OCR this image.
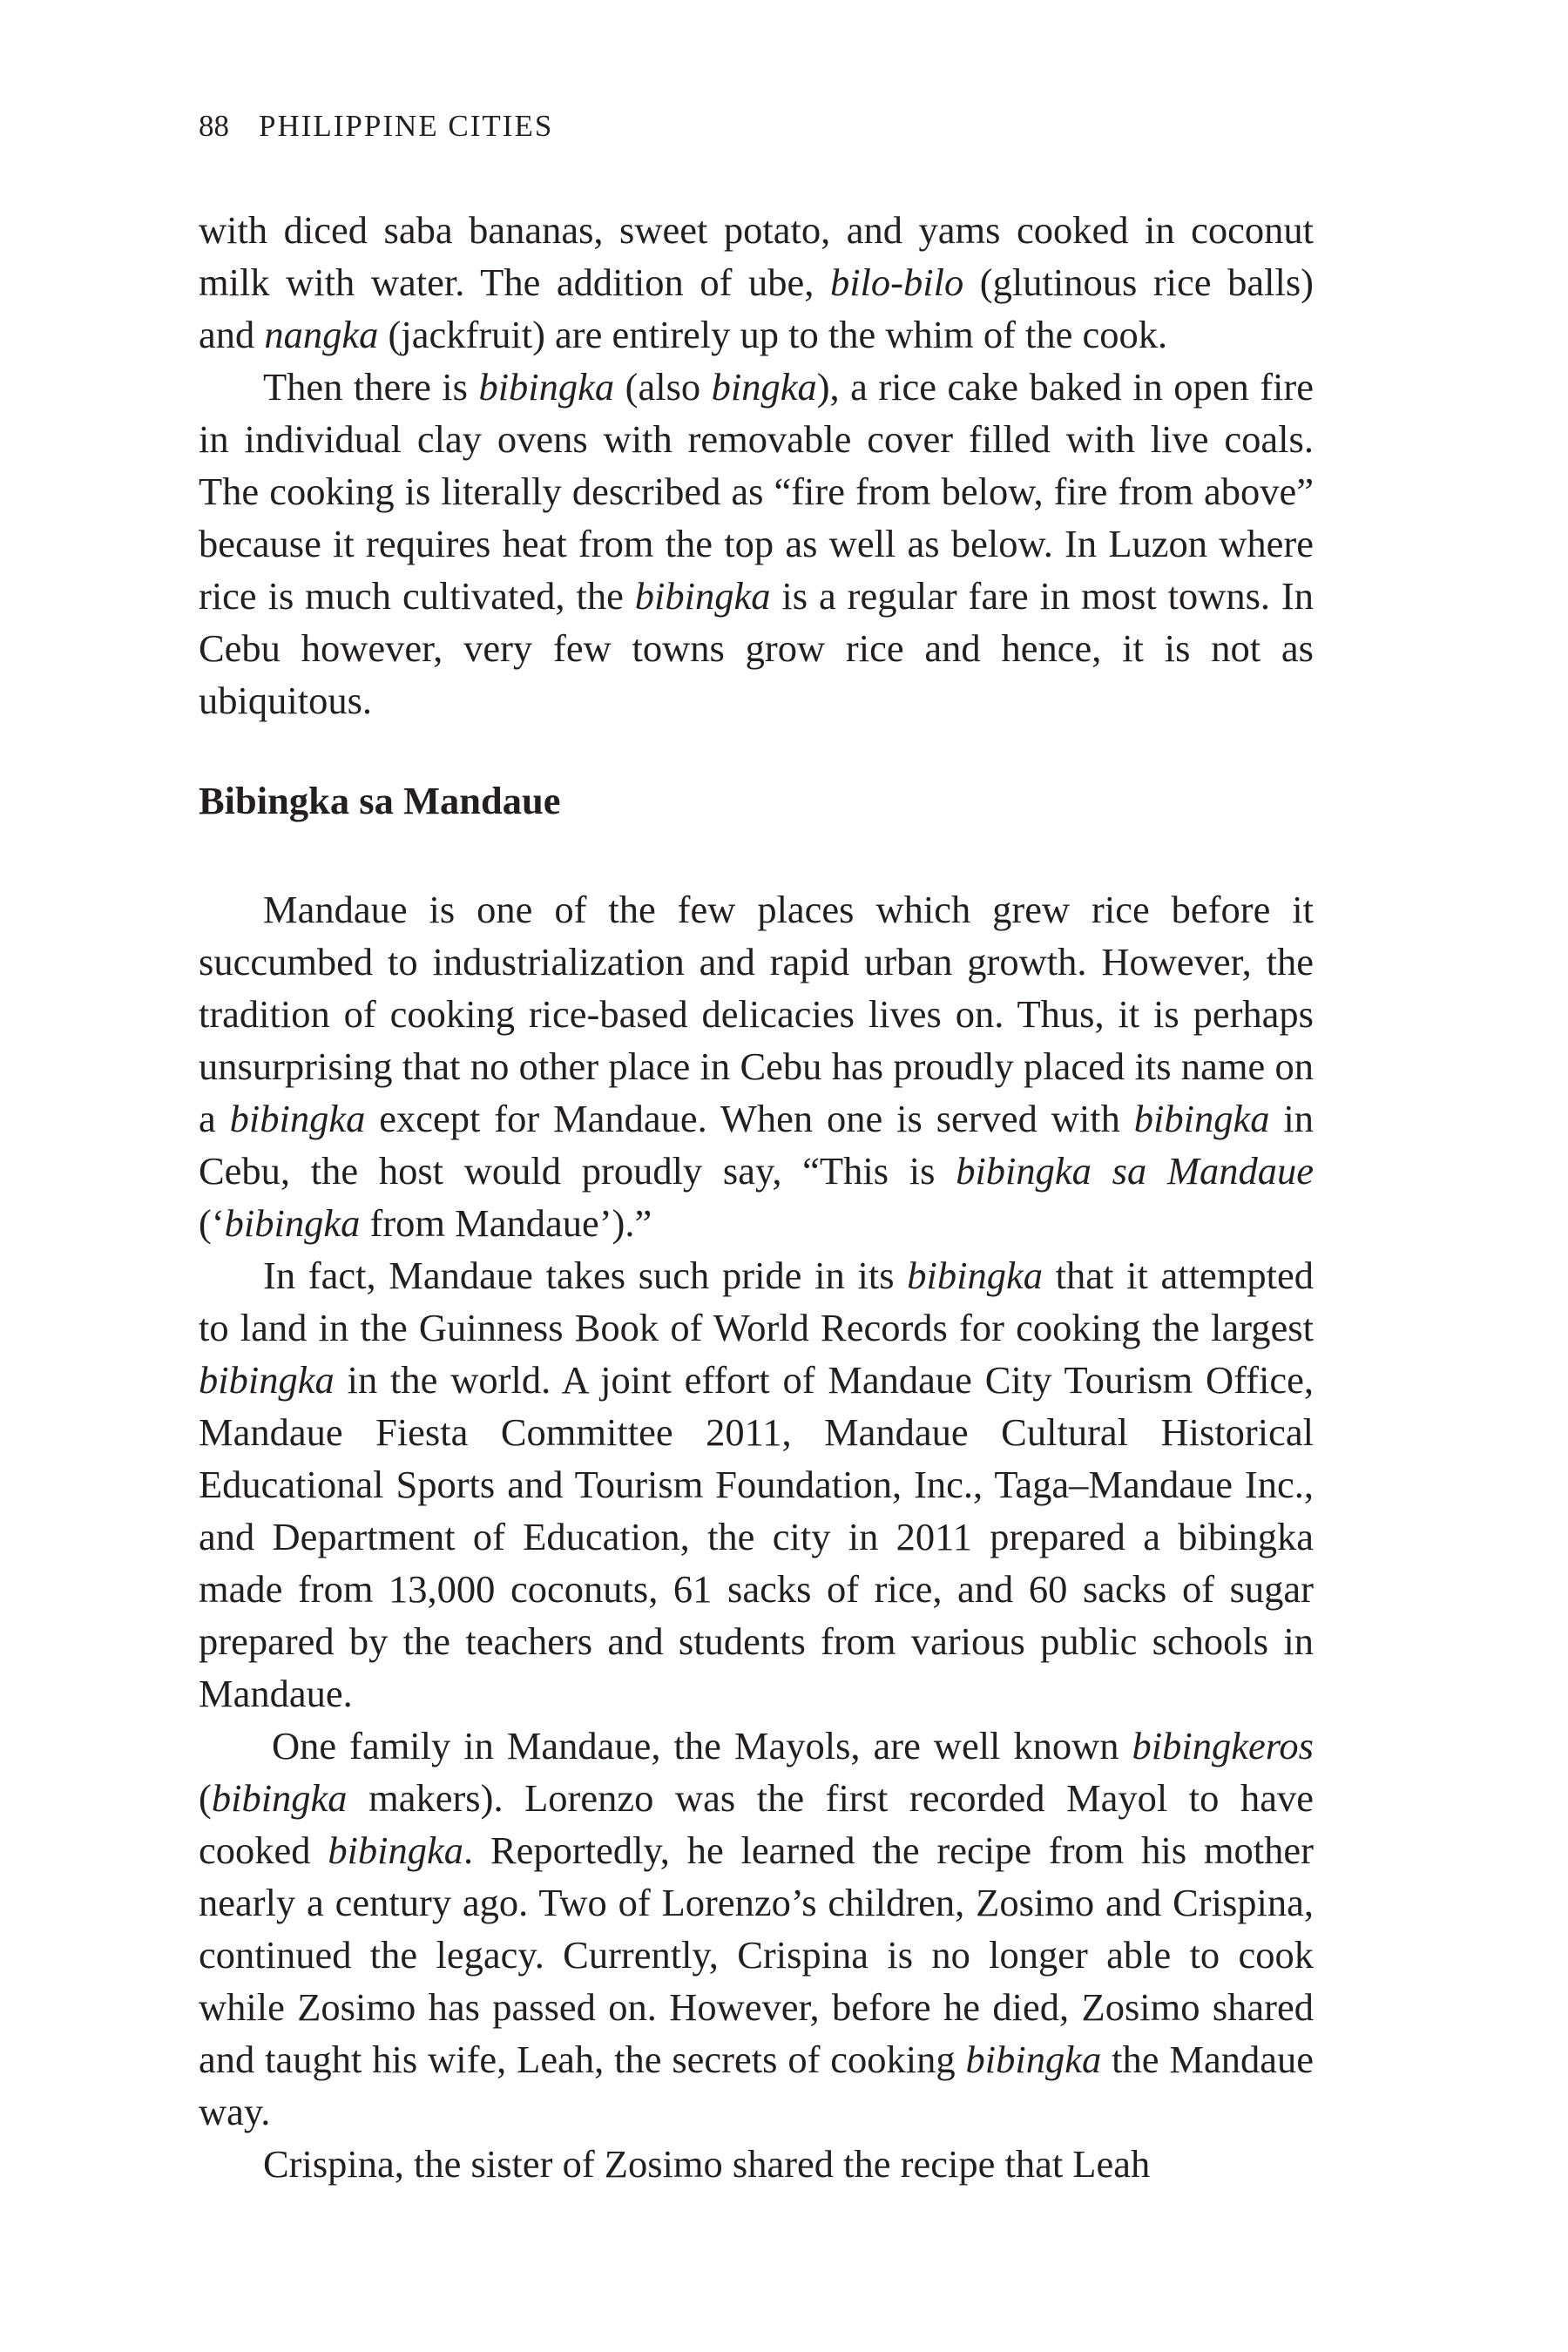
88 PHILIPPINE CITIES

with diced saba bananas, sweet potato, and yams cooked in coconut milk with water. The addition of ube, bilo-bilo (glutinous rice balls) and nangka (jackfruit) are entirely up to the whim of the cook.

Then there is bibingka (also bingka), a rice cake baked in open fire in individual clay ovens with removable cover filled with live coals. The cooking is literally described as “fire from below, fire from above” because it requires heat from the top as well as below. In Luzon where rice is much cultivated, the bibingka is a regular fare in most towns. In Cebu however, very few towns grow rice and hence, it is not as ubiquitous.

Bibingka sa Mandaue

Mandaue is one of the few places which grew rice before it succumbed to industrialization and rapid urban growth. However, the tradition of cooking rice-based delicacies lives on. Thus, it is perhaps unsurprising that no other place in Cebu has proudly placed its name on a bibingka except for Mandaue. When one is served with bibingka in Cebu, the host would proudly say, “This is bibingka sa Mandaue (‘bibingka from Mandaue’).”

In fact, Mandaue takes such pride in its bibingka that it attempted to land in the Guinness Book of World Records for cooking the largest bibingka in the world. A joint effort of Mandaue City Tourism Office, Mandaue Fiesta Committee 2011, Mandaue Cultural Historical Educational Sports and Tourism Foundation, Inc., Taga–Mandaue Inc., and Department of Education, the city in 2011 prepared a bibingka made from 13,000 coconuts, 61 sacks of rice, and 60 sacks of sugar prepared by the teachers and students from various public schools in Mandaue.

One family in Mandaue, the Mayols, are well known bibingkeros (bibingka makers). Lorenzo was the first recorded Mayol to have cooked bibingka. Reportedly, he learned the recipe from his mother nearly a century ago. Two of Lorenzo’s children, Zosimo and Crispina, continued the legacy. Currently, Crispina is no longer able to cook while Zosimo has passed on. However, before he died, Zosimo shared and taught his wife, Leah, the secrets of cooking bibingka the Mandaue way.

Crispina, the sister of Zosimo shared the recipe that Leah
